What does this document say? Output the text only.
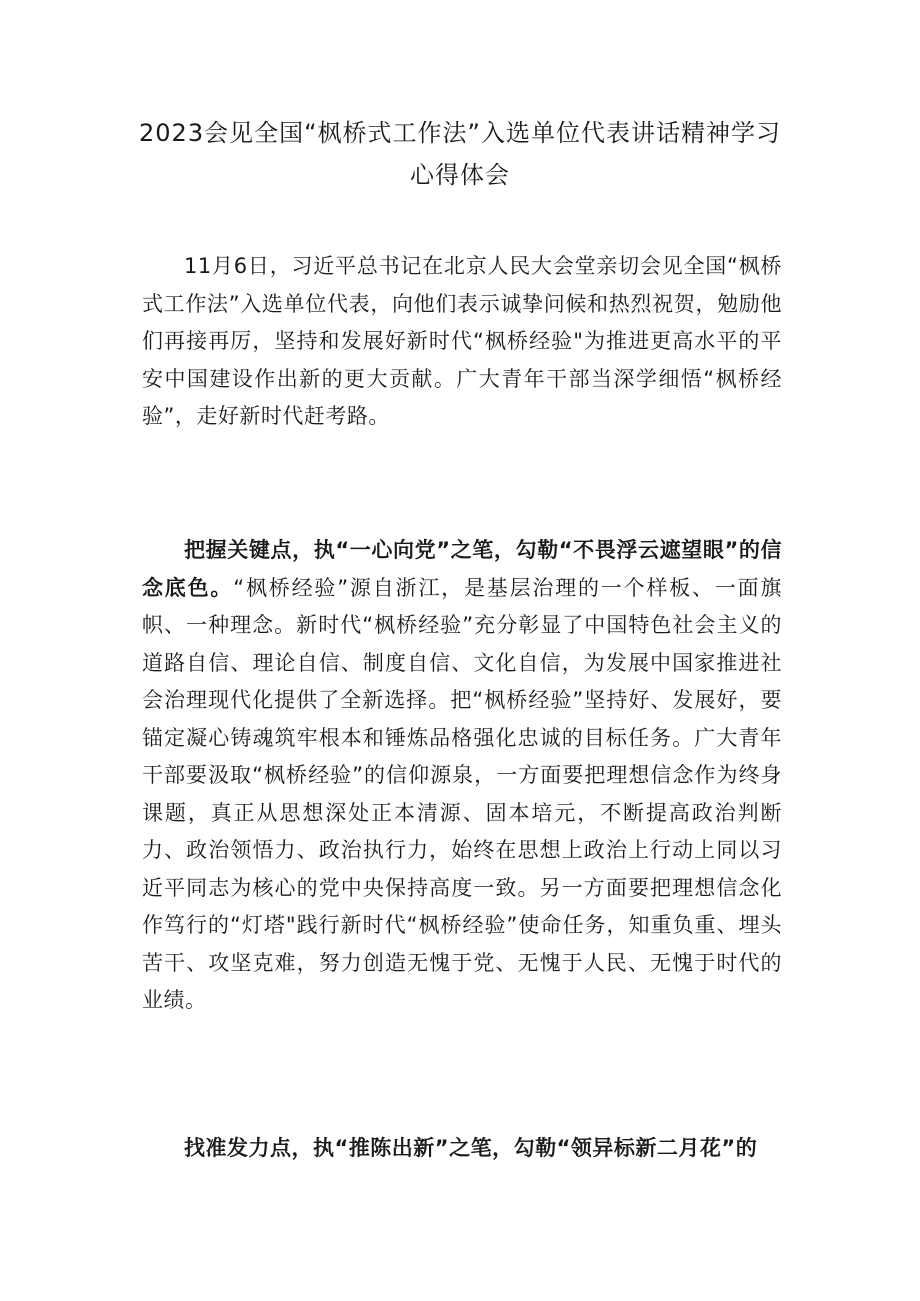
2023会见全国“枫桥式工作法”入选单位代表讲话精神学习心得体会

11月6日，习近平总书记在北京人民大会堂亲切会见全国“枫桥式工作法”入选单位代表，向他们表示诚挚问候和热烈祝贺，勉励他们再接再厉，坚持和发展好新时代“枫桥经验"为推进更高水平的平安中国建设作出新的更大贡献。广大青年干部当深学细悟“枫桥经验”，走好新时代赶考路。

把握关键点，执“一心向党”之笔，勾勒“不畏浮云遮望眼”的信念底色。“枫桥经验”源自浙江，是基层治理的一个样板、一面旗帜、一种理念。新时代“枫桥经验”充分彰显了中国特色社会主义的道路自信、理论自信、制度自信、文化自信，为发展中国家推进社会治理现代化提供了全新选择。把“枫桥经验”坚持好、发展好，要锚定凝心铸魂筑牢根本和锤炼品格强化忠诚的目标任务。广大青年干部要汲取“枫桥经验”的信仰源泉，一方面要把理想信念作为终身课题，真正从思想深处正本清源、固本培元，不断提高政治判断力、政治领悟力、政治执行力，始终在思想上政治上行动上同以习近平同志为核心的党中央保持高度一致。另一方面要把理想信念化作笃行的“灯塔"践行新时代“枫桥经验”使命任务，知重负重、埋头苦干、攻坚克难，努力创造无愧于党、无愧于人民、无愧于时代的业绩。

找准发力点，执“推陈出新”之笔，勾勒“领异标新二月花”的
